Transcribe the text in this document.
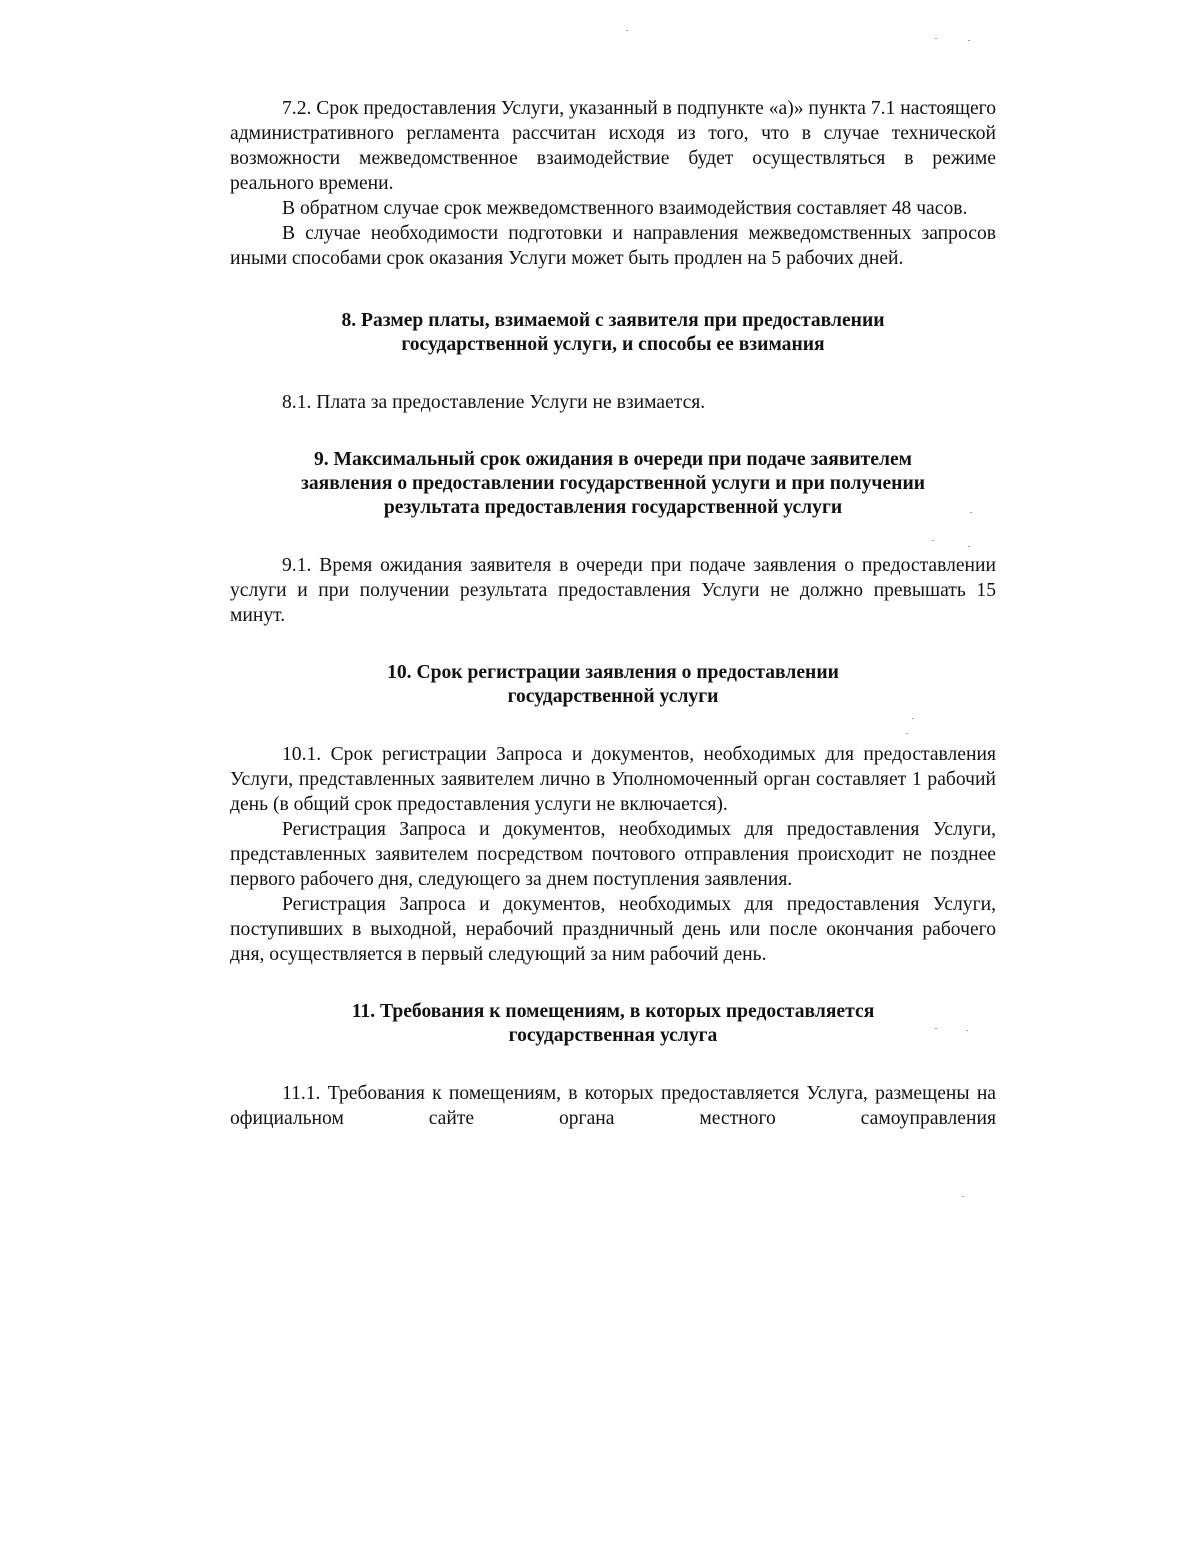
7.2. Срок предоставления Услуги, указанный в подпункте «а)» пункта 7.1 настоящего административного регламента рассчитан исходя из того, что в случае технической возможности межведомственное взаимодействие будет осуществляться в режиме реального времени.

В обратном случае срок межведомственного взаимодействия составляет 48 часов.

В случае необходимости подготовки и направления межведомственных запросов иными способами срок оказания Услуги может быть продлен на 5 рабочих дней.

8. Размер платы, взимаемой с заявителя при предоставлении
государственной услуги, и способы ее взимания

8.1. Плата за предоставление Услуги не взимается.

9. Максимальный срок ожидания в очереди при подаче заявителем
заявления о предоставлении государственной услуги и при получении
результата предоставления государственной услуги

9.1. Время ожидания заявителя в очереди при подаче заявления о предоставлении услуги и при получении результата предоставления Услуги не должно превышать 15 минут.

10. Срок регистрации заявления о предоставлении
государственной услуги

10.1. Срок регистрации Запроса и документов, необходимых для предоставления Услуги, представленных заявителем лично в Уполномоченный орган составляет 1 рабочий день (в общий срок предоставления услуги не включается).

Регистрация Запроса и документов, необходимых для предоставления Услуги, представленных заявителем посредством почтового отправления происходит не позднее первого рабочего дня, следующего за днем поступления заявления.

Регистрация Запроса и документов, необходимых для предоставления Услуги, поступивших в выходной, нерабочий праздничный день или после окончания рабочего дня, осуществляется в первый следующий за ним рабочий день.

11. Требования к помещениям, в которых предоставляется
государственная услуга

11.1. Требования к помещениям, в которых предоставляется Услуга, размещены на официальном сайте органа местного самоуправления
